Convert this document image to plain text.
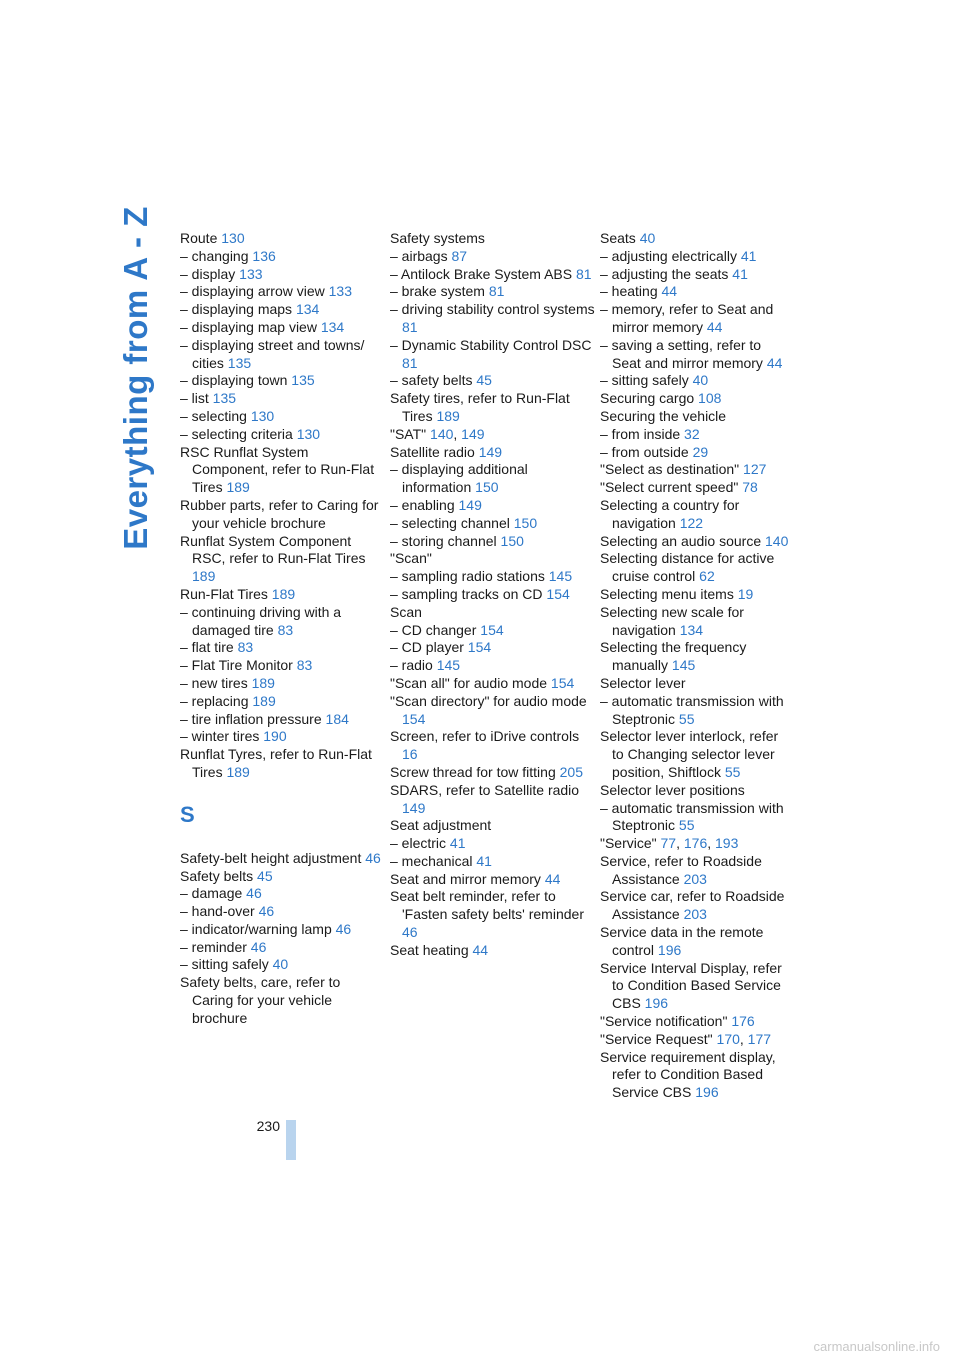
Everything from A - Z Route 130
– changing 136
– display 133
– displaying arrow view 133
– displaying maps 134
– displaying map view 134
– displaying street and towns/ cities 135
– displaying town 135
– list 135
– selecting 130
– selecting criteria 130
RSC Runflat System Component, refer to Run-Flat Tires 189
Rubber parts, refer to Caring for your vehicle brochure
Runflat System Component RSC, refer to Run-Flat Tires 189
Run-Flat Tires 189
– continuing driving with a damaged tire 83
– flat tire 83
– Flat Tire Monitor 83
– new tires 189
– replacing 189
– tire inflation pressure 184
– winter tires 190
Runflat Tyres, refer to Run-Flat Tires 189
S
Safety-belt height adjustment 46
Safety belts 45
– damage 46
– hand-over 46
– indicator/warning lamp 46
– reminder 46
– sitting safely 40
Safety belts, care, refer to Caring for your vehicle brochure
Safety systems
– airbags 87
– Antilock Brake System ABS 81
– brake system 81
– driving stability control systems 81
– Dynamic Stability Control DSC 81
– safety belts 45
Safety tires, refer to Run-Flat Tires 189
"SAT" 140, 149
Satellite radio 149
– displaying additional information 150
– enabling 149
– selecting channel 150
– storing channel 150
"Scan"
– sampling radio stations 145
– sampling tracks on CD 154
Scan
– CD changer 154
– CD player 154
– radio 145
"Scan all" for audio mode 154
"Scan directory" for audio mode 154
Screen, refer to iDrive controls 16
Screw thread for tow fitting 205
SDARS, refer to Satellite radio 149
Seat adjustment
– electric 41
– mechanical 41
Seat and mirror memory 44
Seat belt reminder, refer to 'Fasten safety belts' reminder 46
Seat heating 44
Seats 40
– adjusting electrically 41
– adjusting the seats 41
– heating 44
– memory, refer to Seat and mirror memory 44
– saving a setting, refer to Seat and mirror memory 44
– sitting safely 40
Securing cargo 108
Securing the vehicle
– from inside 32
– from outside 29
"Select as destination" 127
"Select current speed" 78
Selecting a country for navigation 122
Selecting an audio source 140
Selecting distance for active cruise control 62
Selecting menu items 19
Selecting new scale for navigation 134
Selecting the frequency manually 145
Selector lever
– automatic transmission with Steptronic 55
Selector lever interlock, refer to Changing selector lever position, Shiftlock 55
Selector lever positions
– automatic transmission with Steptronic 55
"Service" 77, 176, 193
Service, refer to Roadside Assistance 203
Service car, refer to Roadside Assistance 203
Service data in the remote control 196
Service Interval Display, refer to Condition Based Service CBS 196
"Service notification" 176
"Service Request" 170, 177
Service requirement display, refer to Condition Based Service CBS 196
230
carmanualsonline.info
